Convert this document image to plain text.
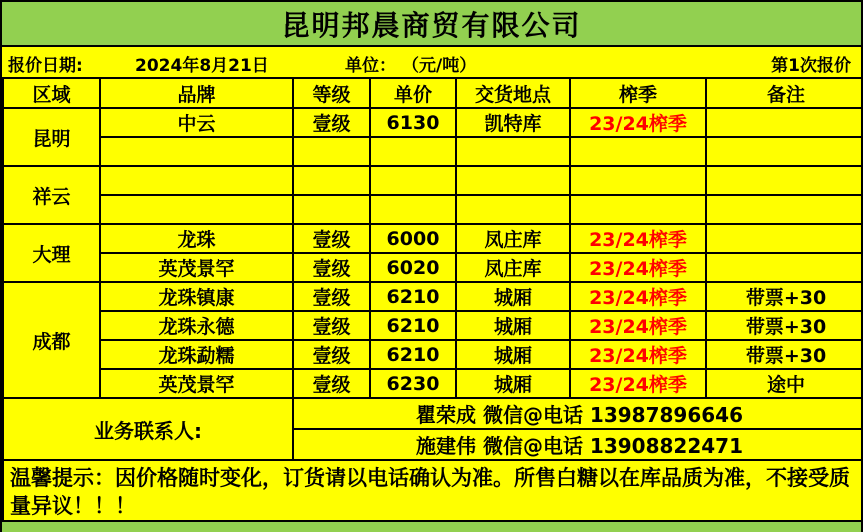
昆明邦晨商贸有限公司
报价日期:	2024年8月21日	单位： （元/吨）	第1次报价
区域	品牌	等级	单价	交货地点	榨季	备注
昆明	中云	壹级	6130	凯特库	23/24榨季	

祥云						

大理	龙珠	壹级	6000	凤庄库	23/24榨季	
	英茂景罕	壹级	6020	凤庄库	23/24榨季	
成都	龙珠镇康	壹级	6210	城厢	23/24榨季	带票+30
	龙珠永德	壹级	6210	城厢	23/24榨季	带票+30
	龙珠勐糯	壹级	6210	城厢	23/24榨季	带票+30
	英茂景罕	壹级	6230	城厢	23/24榨季	途中
业务联系人:		瞿荣成 微信@电话 13987896646				
		施建伟 微信@电话 13908822471				
温馨提示：因价格随时变化，订货请以电话确认为准。所售白糖以在库品质为准，不接受质量异议！！！						
